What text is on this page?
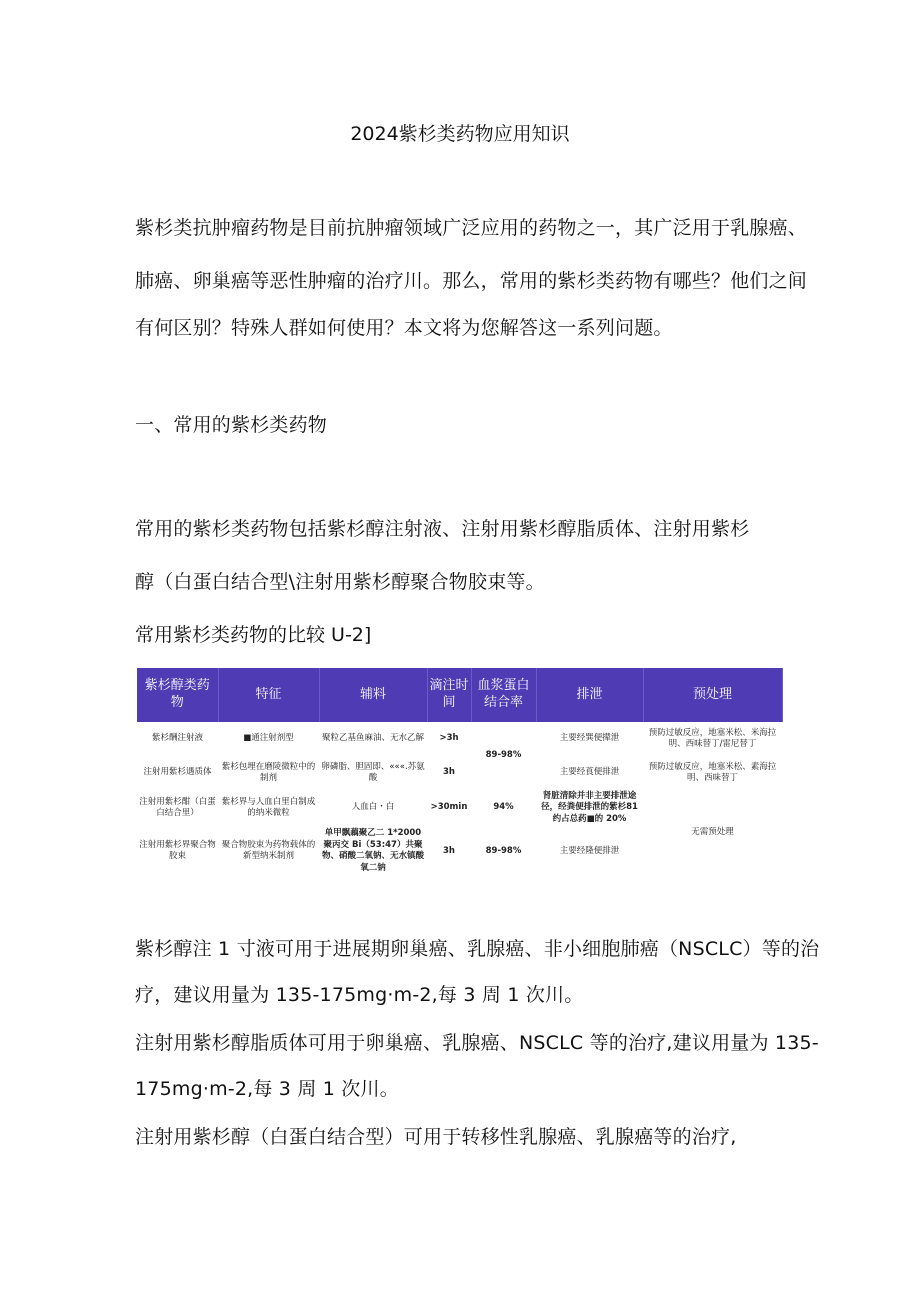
2024紫杉类药物应用知识
紫杉类抗肿瘤药物是目前抗肿瘤领域广泛应用的药物之一，其广泛用于乳腺癌、
肺癌、卵巢癌等恶性肿瘤的治疗川。那么，常用的紫杉类药物有哪些？他们之间
有何区别？特殊人群如何使用？本文将为您解答这一系列问题。
一、常用的紫杉类药物
常用的紫杉类药物包括紫杉醇注射液、注射用紫杉醇脂质体、注射用紫杉
醇（白蛋白结合型\注射用紫杉醇聚合物胶束等。
常用紫杉类药物的比较 U-2]
紫杉醇类药物	特征	辅料	滴注时间	血浆蛋白结合率	排泄	预处理
紫杉酬注射液	■通注射剂型	聚粒乙基鱼麻油、无水乙解	>3h	89-98%	主要经巽便撵泄	预防过敏反应，地塞米松、米海拉明、西味替丁/雷尼替丁
注射用紫杉遇质体	紫杉包埋在磨陵微粒中的制剂	卵磷脂、胆固即、«««.苏氨酸	3h		主要经莨便排泄	预防过敏反应，地塞米松、素海拉明、西味替丁
注射用紫杉酣（白蛋白结合里）	紫杉界与人血白里白制成的纳米微粒	人血白・白	>30min	94%	肾脏清除并非主要排泄途径，经粪便排泄的紫杉81 约占总药■的 20%	无需预处理
注射用紫杉界聚合物胶束	聚合物胶束为药物载体的新型纳米制剂	单甲飘藕聚乙二 1*2000 聚丙交 Bi（53:47）共聚物、硝酸二氧钠、无水镇酸氧二钠	3h	89-98%	主要经隆便排泄	
紫杉醇注 1 寸液可用于进展期卵巢癌、乳腺癌、非小细胞肺癌（NSCLC）等的治
疗，建议用量为 135-175mg·m-2,每 3 周 1 次川。
注射用紫杉醇脂质体可用于卵巢癌、乳腺癌、NSCLC 等的治疗,建议用量为 135-
175mg·m-2,每 3 周 1 次川。
注射用紫杉醇（白蛋白结合型）可用于转移性乳腺癌、乳腺癌等的治疗,
